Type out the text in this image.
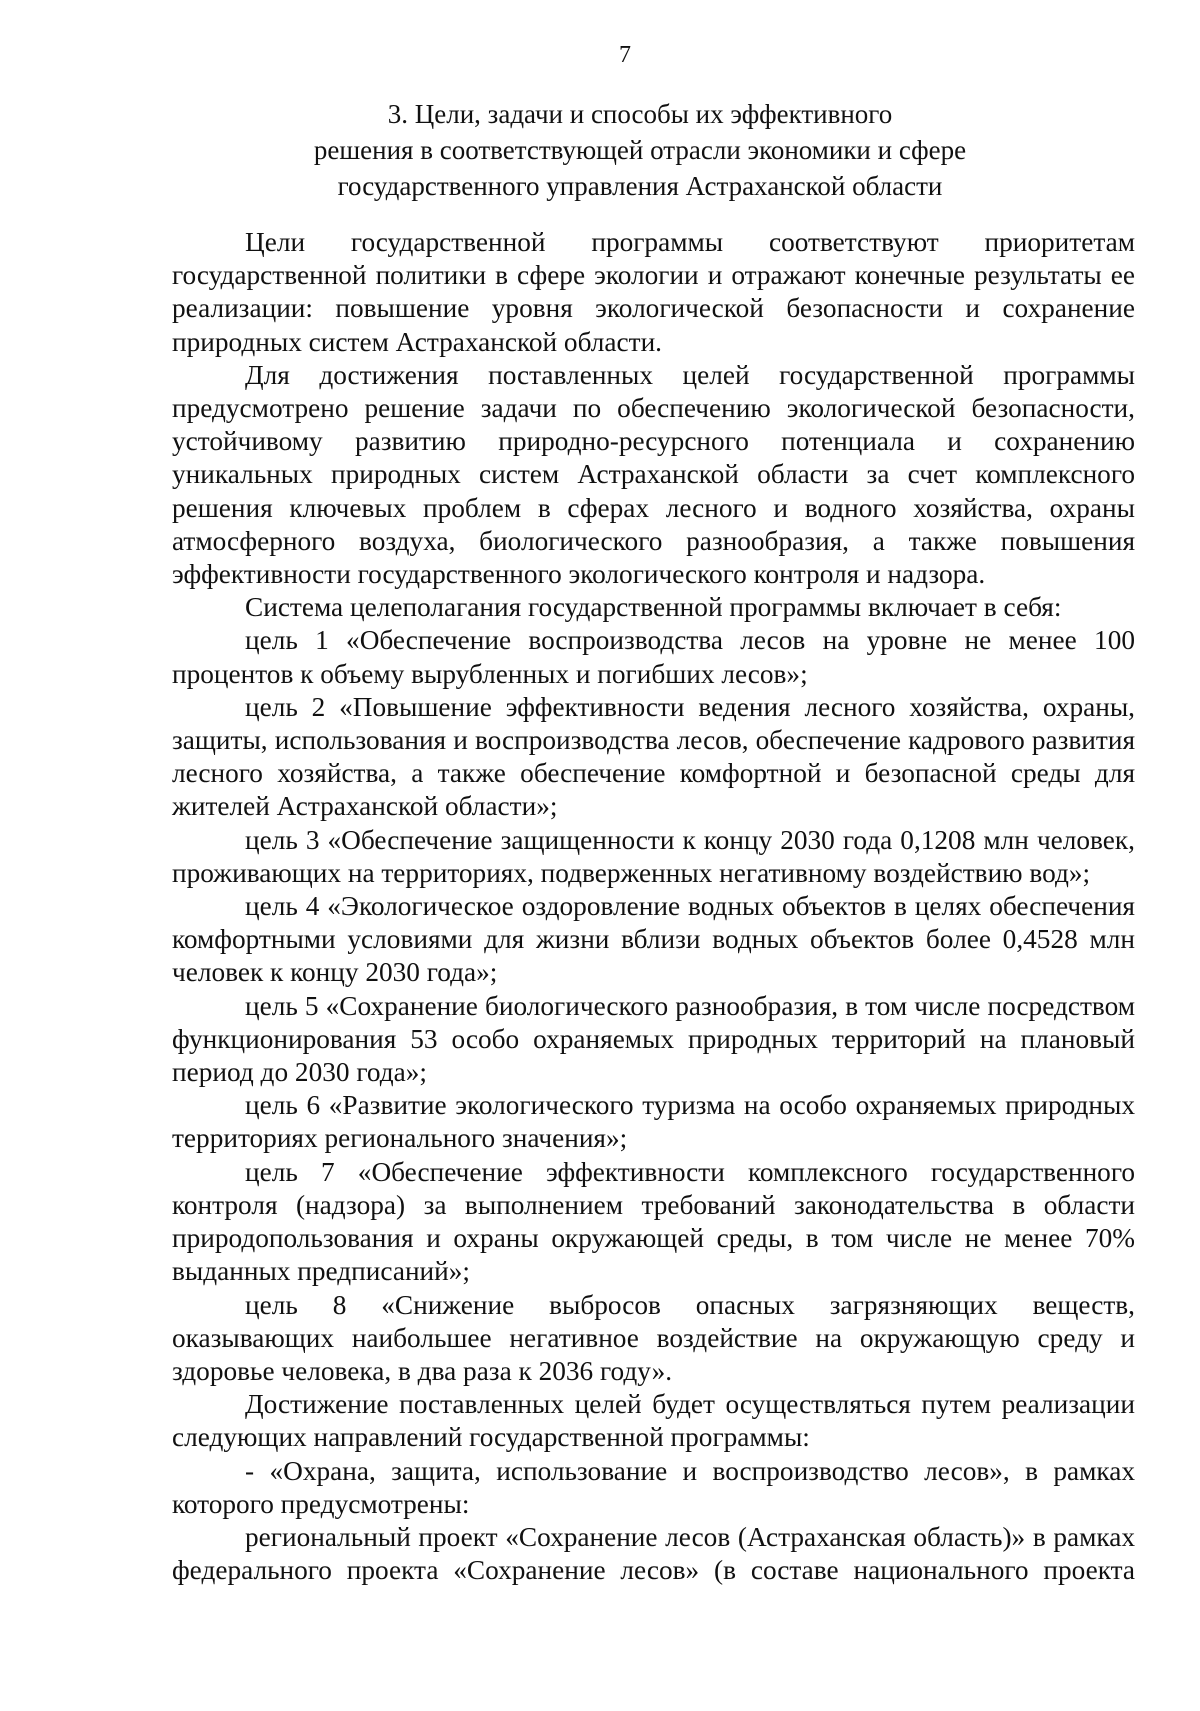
7
3. Цели, задачи и способы их эффективного
решения в соответствующей отрасли экономики и сфере
государственного управления Астраханской области

Цели государственной программы соответствуют приоритетам государственной политики в сфере экологии и отражают конечные результаты ее реализации: повышение уровня экологической безопасности и сохранение природных систем Астраханской области.

Для достижения поставленных целей государственной программы предусмотрено решение задачи по обеспечению экологической безопасности, устойчивому развитию природно-ресурсного потенциала и сохранению уникальных природных систем Астраханской области за счет комплексного решения ключевых проблем в сферах лесного и водного хозяйства, охраны атмосферного воздуха, биологического разнообразия, а также повышения эффективности государственного экологического контроля и надзора.

Система целеполагания государственной программы включает в себя:

цель 1 «Обеспечение воспроизводства лесов на уровне не менее 100 процентов к объему вырубленных и погибших лесов»;

цель 2 «Повышение эффективности ведения лесного хозяйства, охраны, защиты, использования и воспроизводства лесов, обеспечение кадрового развития лесного хозяйства, а также обеспечение комфортной и безопасной среды для жителей Астраханской области»;

цель 3 «Обеспечение защищенности к концу 2030 года 0,1208 млн человек, проживающих на территориях, подверженных негативному воздействию вод»;

цель 4 «Экологическое оздоровление водных объектов в целях обеспечения комфортными условиями для жизни вблизи водных объектов более 0,4528 млн человек к концу 2030 года»;

цель 5 «Сохранение биологического разнообразия, в том числе посредством функционирования 53 особо охраняемых природных территорий на плановый период до 2030 года»;

цель 6 «Развитие экологического туризма на особо охраняемых природных территориях регионального значения»;

цель 7 «Обеспечение эффективности комплексного государственного контроля (надзора) за выполнением требований законодательства в области природопользования и охраны окружающей среды, в том числе не менее 70% выданных предписаний»;

цель 8 «Снижение выбросов опасных загрязняющих веществ, оказывающих наибольшее негативное воздействие на окружающую среду и здоровье человека, в два раза к 2036 году».

Достижение поставленных целей будет осуществляться путем реализации следующих направлений государственной программы:

- «Охрана, защита, использование и воспроизводство лесов», в рамках которого предусмотрены:

региональный проект «Сохранение лесов (Астраханская область)» в рамках федерального проекта «Сохранение лесов» (в составе национального проекта
